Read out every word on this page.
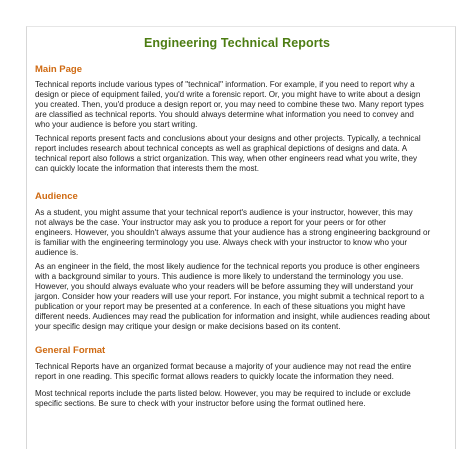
Engineering Technical Reports
Main Page

Technical reports include various types of "technical" information. For example, if you need to report why a
design or piece of equipment failed, you'd write a forensic report. Or, you might have to write about a design
you created. Then, you'd produce a design report or, you may need to combine these two. Many report types
are classified as technical reports. You should always determine what information you need to convey and
who your audience is before you start writing.

Technical reports present facts and conclusions about your designs and other projects. Typically, a technical
report includes research about technical concepts as well as graphical depictions of designs and data. A
technical report also follows a strict organization. This way, when other engineers read what you write, they
can quickly locate the information that interests them the most.

Audience

As a student, you might assume that your technical report's audience is your instructor, however, this may
not always be the case. Your instructor may ask you to produce a report for your peers or for other
engineers. However, you shouldn't always assume that your audience has a strong engineering background or
is familiar with the engineering terminology you use. Always check with your instructor to know who your
audience is.

As an engineer in the field, the most likely audience for the technical reports you produce is other engineers
with a background similar to yours. This audience is more likely to understand the terminology you use.
However, you should always evaluate who your readers will be before assuming they will understand your
jargon. Consider how your readers will use your report. For instance, you might submit a technical report to a
publication or your report may be presented at a conference. In each of these situations you might have
different needs. Audiences may read the publication for information and insight, while audiences reading about
your specific design may critique your design or make decisions based on its content.

General Format

Technical Reports have an organized format because a majority of your audience may not read the entire
report in one reading. This specific format allows readers to quickly locate the information they need.

Most technical reports include the parts listed below. However, you may be required to include or exclude
specific sections. Be sure to check with your instructor before using the format outlined here.
